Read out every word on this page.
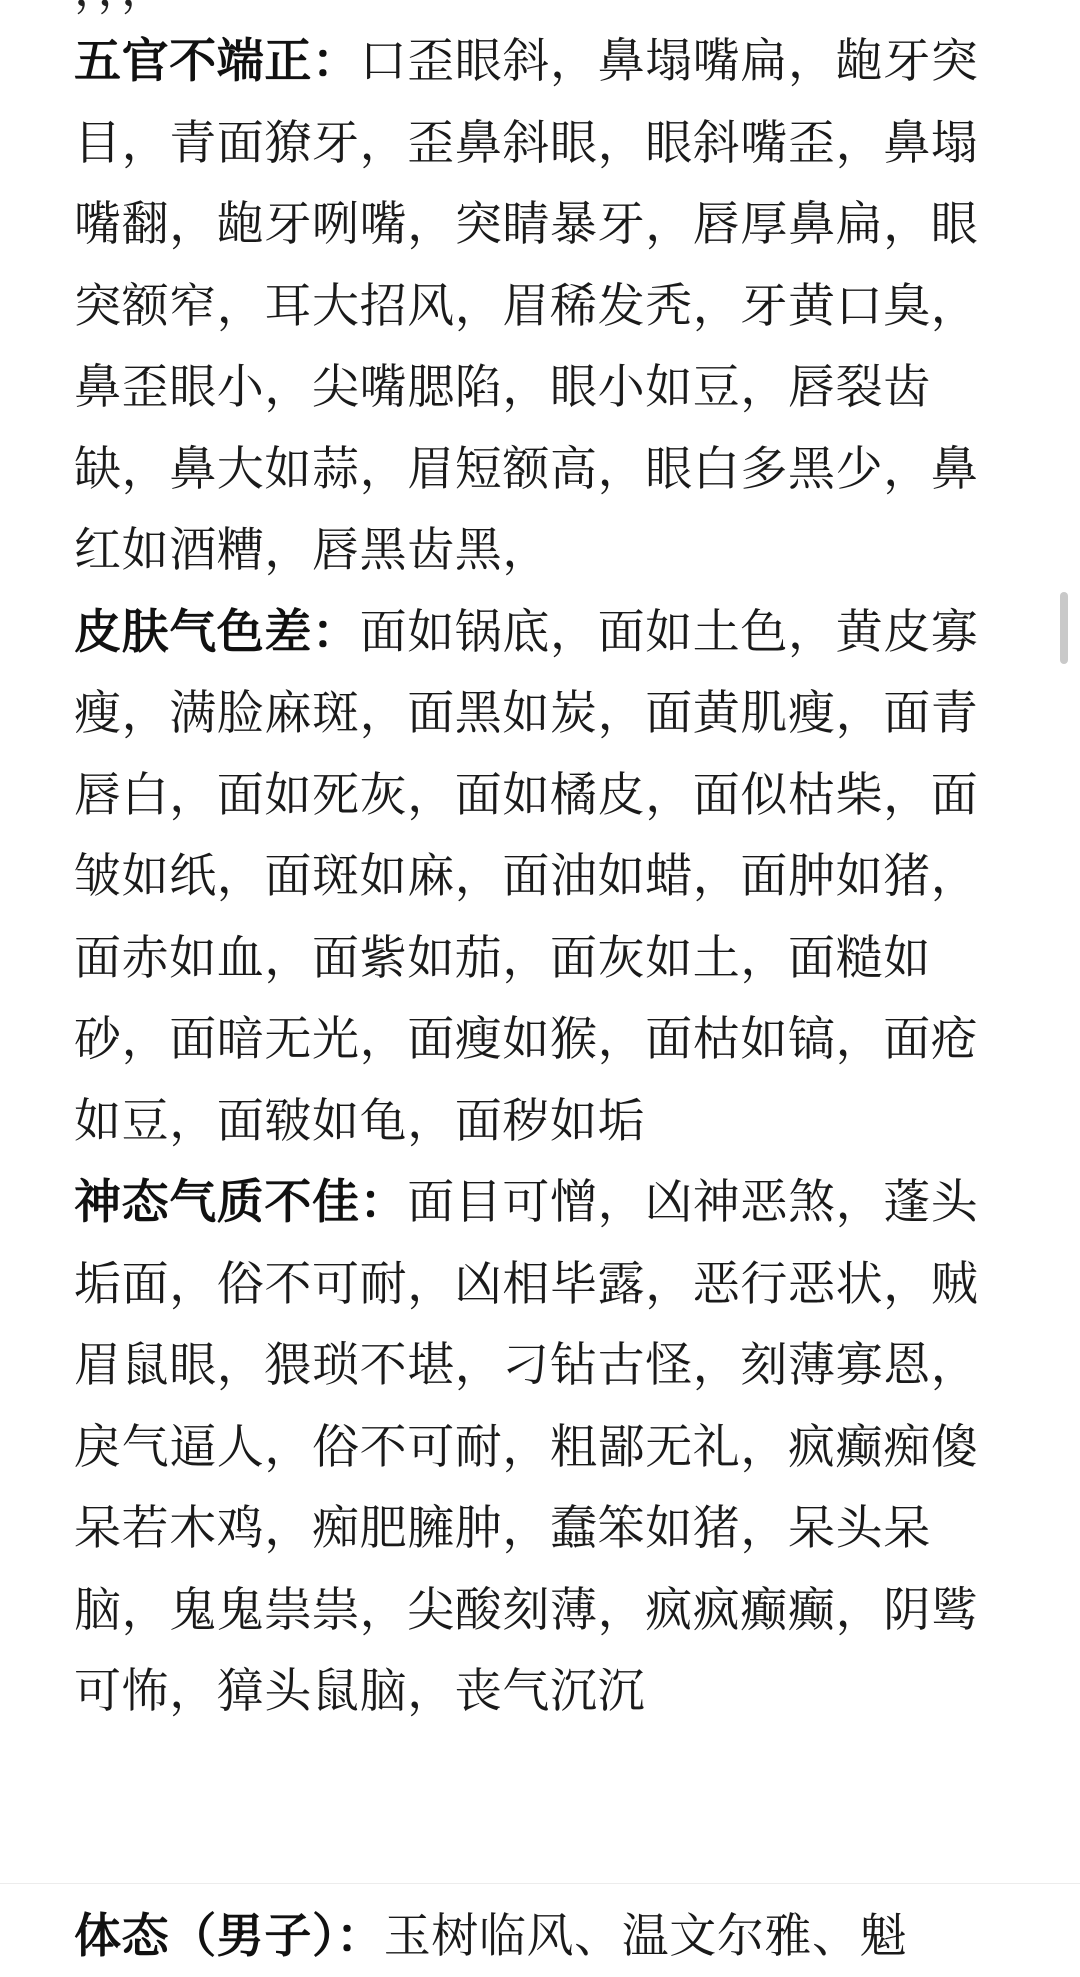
五官不端正：口歪眼斜，鼻塌嘴扁，龅牙突目，青面獠牙，歪鼻斜眼，眼斜嘴歪，鼻塌嘴翻，龅牙咧嘴，突睛暴牙，唇厚鼻扁，眼突额窄，耳大招风，眉稀发秃，牙黄口臭，鼻歪眼小，尖嘴腮陷，眼小如豆，唇裂齿缺，鼻大如蒜，眉短额高，眼白多黑少，鼻红如酒糟，唇黑齿黑，

皮肤气色差：面如锅底，面如土色，黄皮寡瘦，满脸麻斑，面黑如炭，面黄肌瘦，面青唇白，面如死灰，面如橘皮，面似枯柴，面皱如纸，面斑如麻，面油如蜡，面肿如猪，面赤如血，面紫如茄，面灰如土，面糙如砂，面暗无光，面瘦如猴，面枯如镐，面疮如豆，面皲如龟，面秽如垢

神态气质不佳：面目可憎，凶神恶煞，蓬头垢面，俗不可耐，凶相毕露，恶行恶状，贼眉鼠眼，猥琐不堪，刁钻古怪，刻薄寡恩，戾气逼人，俗不可耐，粗鄙无礼，疯癫痴傻呆若木鸡，痴肥臃肿，蠢笨如猪，呆头呆脑，鬼鬼祟祟，尖酸刻薄，疯疯癫癫，阴骘可怖，獐头鼠脑，丧气沉沉

体态（男子）：玉树临风、温文尔雅、魁
